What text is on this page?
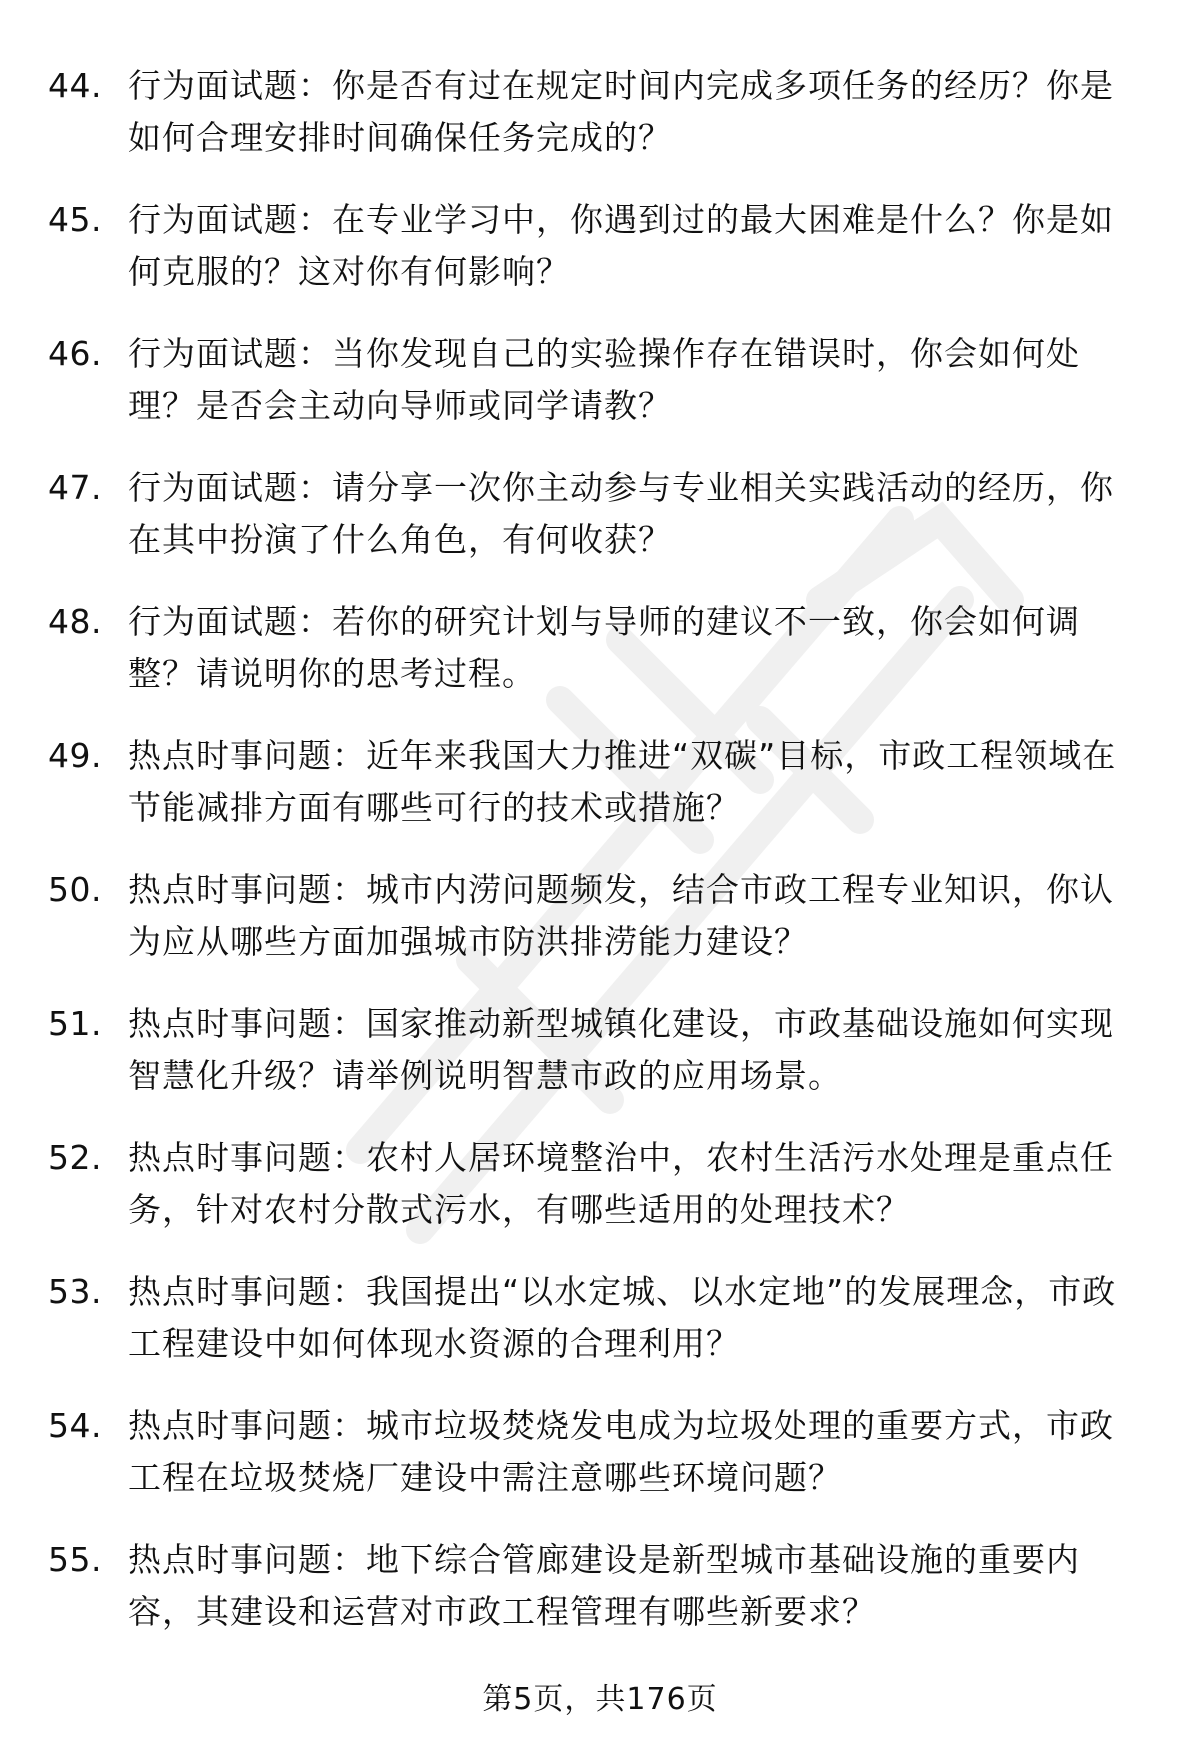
44. 行为面试题：你是否有过在规定时间内完成多项任务的经历？你是如何合理安排时间确保任务完成的？
45. 行为面试题：在专业学习中，你遇到过的最大困难是什么？你是如何克服的？这对你有何影响？
46. 行为面试题：当你发现自己的实验操作存在错误时，你会如何处理？是否会主动向导师或同学请教？
47. 行为面试题：请分享一次你主动参与专业相关实践活动的经历，你在其中扮演了什么角色，有何收获？
48. 行为面试题：若你的研究计划与导师的建议不一致，你会如何调整？请说明你的思考过程。
49. 热点时事问题：近年来我国大力推进“双碳”目标，市政工程领域在节能减排方面有哪些可行的技术或措施？
50. 热点时事问题：城市内涝问题频发，结合市政工程专业知识，你认为应从哪些方面加强城市防洪排涝能力建设？
51. 热点时事问题：国家推动新型城镇化建设，市政基础设施如何实现智慧化升级？请举例说明智慧市政的应用场景。
52. 热点时事问题：农村人居环境整治中，农村生活污水处理是重点任务，针对农村分散式污水，有哪些适用的处理技术？
53. 热点时事问题：我国提出“以水定城、以水定地”的发展理念，市政工程建设中如何体现水资源的合理利用？
54. 热点时事问题：城市垃圾焚烧发电成为垃圾处理的重要方式，市政工程在垃圾焚烧厂建设中需注意哪些环境问题？
55. 热点时事问题：地下综合管廊建设是新型城市基础设施的重要内容，其建设和运营对市政工程管理有哪些新要求？
第5页，共176页
